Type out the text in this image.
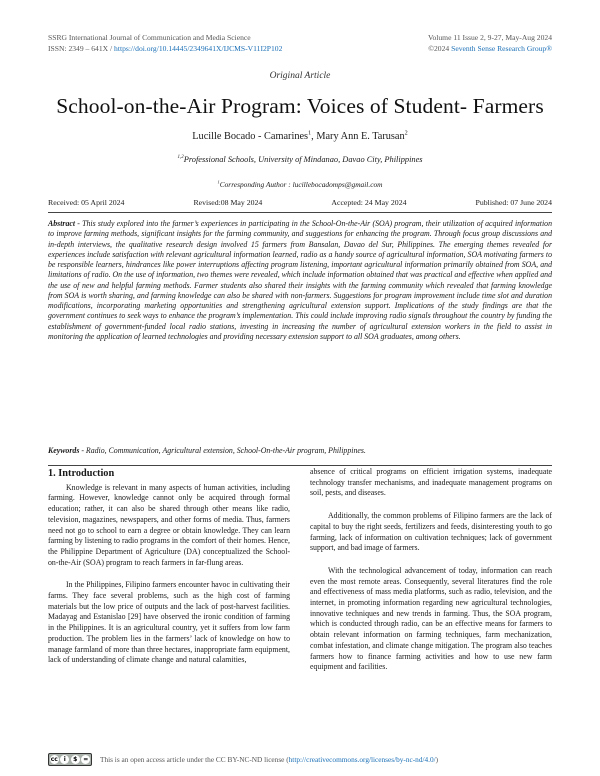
SSRG International Journal of Communication and Media Science
ISSN: 2349 – 641X / https://doi.org/10.14445/2349641X/IJCMS-V11I2P102
Volume 11 Issue 2, 9-27, May-Aug 2024
©2024 Seventh Sense Research Group®
Original Article
School-on-the-Air Program: Voices of Student- Farmers
Lucille Bocado - Camarines$^1$, Mary Ann E. Tarusan$^2$
$^{1,2}$Professional Schools, University of Mindanao, Davao City, Philippines
$^1$Corresponding Author : lucillebocadomps@gmail.com
Received: 05 April 2024	Revised:08 May 2024	Accepted: 24 May 2024	Published: 07 June 2024
Abstract - This study explored into the farmer’s experiences in participating in the School-On-the-Air (SOA) program, their utilization of acquired information to improve farming methods, significant insights for the farming community, and suggestions for enhancing the program. Through focus group discussions and in-depth interviews, the qualitative research design involved 15 farmers from Bansalan, Davao del Sur, Philippines. The emerging themes revealed for experiences include satisfaction with relevant agricultural information learned, radio as a handy source of agricultural information, SOA motivating farmers to be responsible learners, hindrances like power interruptions affecting program listening, important agricultural information primarily obtained from SOA, and limitations of radio. On the use of information, two themes were revealed, which include information obtained that was practical and effective when applied and the use of new and helpful farming methods. Farmer students also shared their insights with the farming community which revealed that farming knowledge from SOA is worth sharing, and farming knowledge can also be shared with non-farmers. Suggestions for program improvement include time slot and duration modifications, incorporating marketing opportunities and strengthening agricultural extension support. Implications of the study findings are that the government continues to seek ways to enhance the program’s implementation. This could include improving radio signals throughout the country by funding the establishment of government-funded local radio stations, investing in increasing the number of agricultural extension workers in the field to assist in monitoring the application of learned technologies and providing necessary extension support to all SOA graduates, among others.
Keywords - Radio, Communication, Agricultural extension, School-On-the-Air program, Philippines.
1. Introduction

Knowledge is relevant in many aspects of human activities, including farming. However, knowledge cannot only be acquired through formal education; rather, it can also be shared through other means like radio, television, magazines, newspapers, and other forms of media. Thus, farmers need not go to school to earn a degree or obtain knowledge. They can learn farming by listening to radio programs in the comfort of their homes. Hence, the Philippine Department of Agriculture (DA) conceptualized the School-on-the-Air (SOA) program to reach farmers in far-flung areas.

In the Philippines, Filipino farmers encounter havoc in cultivating their farms. They face several problems, such as the high cost of farming materials but the low price of outputs and the lack of post-harvest facilities. Madayag and Estanislao [29] have observed the ironic condition of farming in the Philippines. It is an agricultural country, yet it suffers from low farm production. The problem lies in the farmers’ lack of knowledge on how to manage farmland of more than three hectares, inappropriate farm equipment, lack of understanding of climate change and natural calamities,

absence of critical programs on efficient irrigation systems, inadequate technology transfer mechanisms, and inadequate management programs on soil, pests, and diseases.

Additionally, the common problems of Filipino farmers are the lack of capital to buy the right seeds, fertilizers and feeds, disinteresting youth to go farming, lack of information on cultivation techniques; lack of government support, and bad image of farmers.

With the technological advancement of today, information can reach even the most remote areas. Consequently, several literatures find the role and effectiveness of mass media platforms, such as radio, television, and the internet, in promoting information regarding new agricultural technologies, innovative techniques and new trends in farming. Thus, the SOA program, which is conducted through radio, can be an effective means for farmers to obtain relevant information on farming techniques, farm mechanization, combat infestation, and climate change mitigation. The program also teaches farmers how to finance farming activities and how to use new farm equipment and facilities.

cc i	$ = This is an open access article under the CC BY-NC-ND license (http://creativecommons.org/licenses/by-nc-nd/4.0/)
